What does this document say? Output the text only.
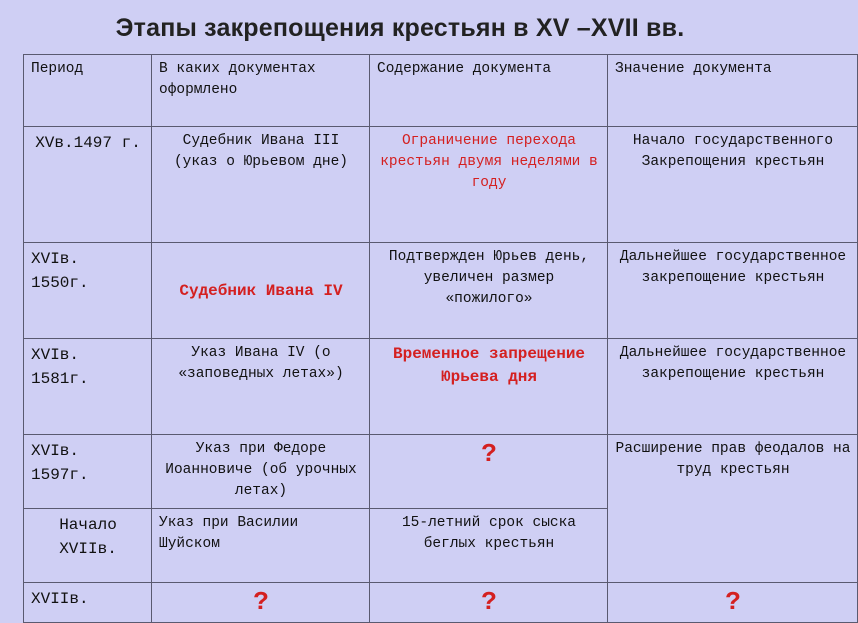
Этапы закрепощения крестьян в XV –XVII вв.
Период	В каких документах оформлено	Содержание документа	Значение документа
XVв.1497 г.	Судебник Ивана III (указ о Юрьевом дне)	Ограничение перехода крестьян двумя неделями в году	Начало государственного Закрепощения крестьян
XVIв. 1550г.	Судебник Ивана IV	Подтвержден Юрьев день, увеличен размер «пожилого»	Дальнейшее государственное закрепощение крестьян
XVIв. 1581г.	Указ Ивана IV (о «заповедных летах»)	Временное запрещение Юрьева дня	Дальнейшее государственное закрепощение крестьян
XVIв. 1597г.	Указ при Федоре Иоанновиче (об урочных летах)	?	Расширение прав феодалов на труд крестьян
Начало XVIIв.	Указ при Василии Шуйском	15-летний срок сыска беглых крестьян	
XVIIв.	?	?	?
